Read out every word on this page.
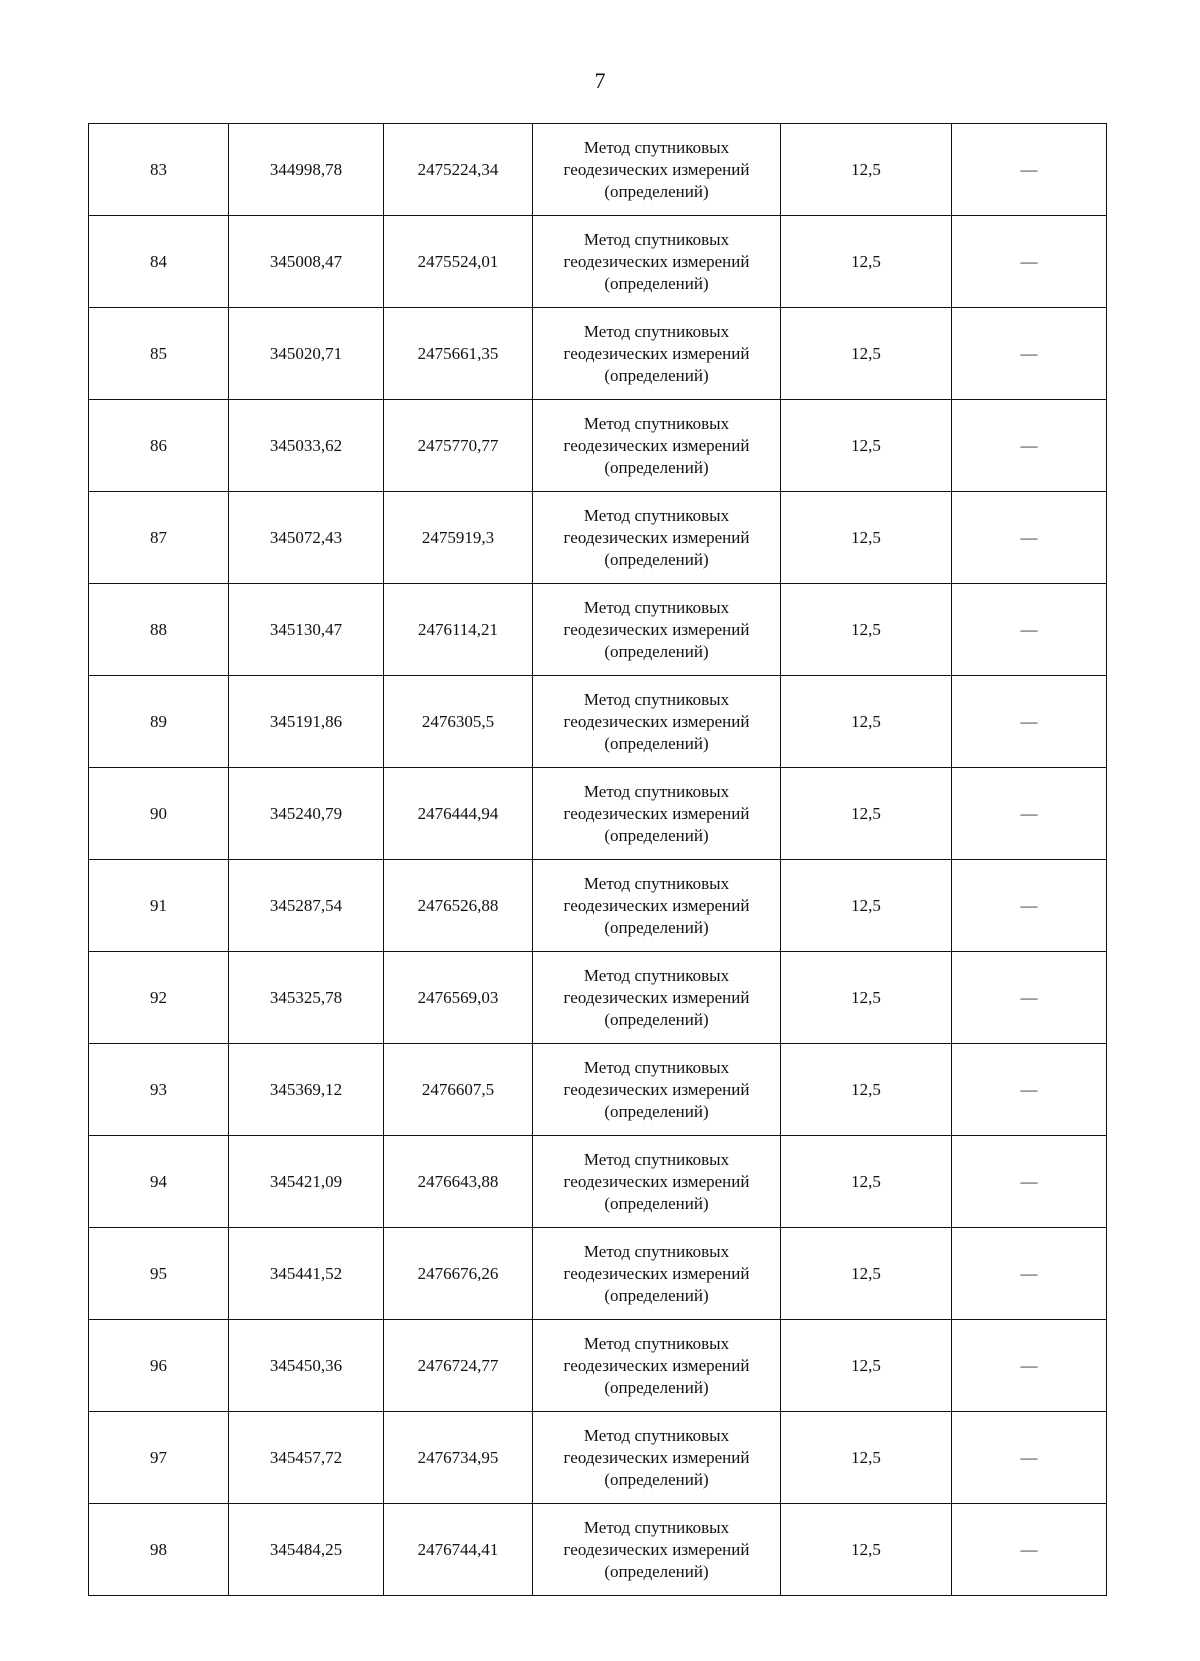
7
83	344998,78	2475224,34	Метод спутниковых геодезических измерений (определений)	12,5	—
84	345008,47	2475524,01	Метод спутниковых геодезических измерений (определений)	12,5	—
85	345020,71	2475661,35	Метод спутниковых геодезических измерений (определений)	12,5	—
86	345033,62	2475770,77	Метод спутниковых геодезических измерений (определений)	12,5	—
87	345072,43	2475919,3	Метод спутниковых геодезических измерений (определений)	12,5	—
88	345130,47	2476114,21	Метод спутниковых геодезических измерений (определений)	12,5	—
89	345191,86	2476305,5	Метод спутниковых геодезических измерений (определений)	12,5	—
90	345240,79	2476444,94	Метод спутниковых геодезических измерений (определений)	12,5	—
91	345287,54	2476526,88	Метод спутниковых геодезических измерений (определений)	12,5	—
92	345325,78	2476569,03	Метод спутниковых геодезических измерений (определений)	12,5	—
93	345369,12	2476607,5	Метод спутниковых геодезических измерений (определений)	12,5	—
94	345421,09	2476643,88	Метод спутниковых геодезических измерений (определений)	12,5	—
95	345441,52	2476676,26	Метод спутниковых геодезических измерений (определений)	12,5	—
96	345450,36	2476724,77	Метод спутниковых геодезических измерений (определений)	12,5	—
97	345457,72	2476734,95	Метод спутниковых геодезических измерений (определений)	12,5	—
98	345484,25	2476744,41	Метод спутниковых геодезических измерений (определений)	12,5	—
